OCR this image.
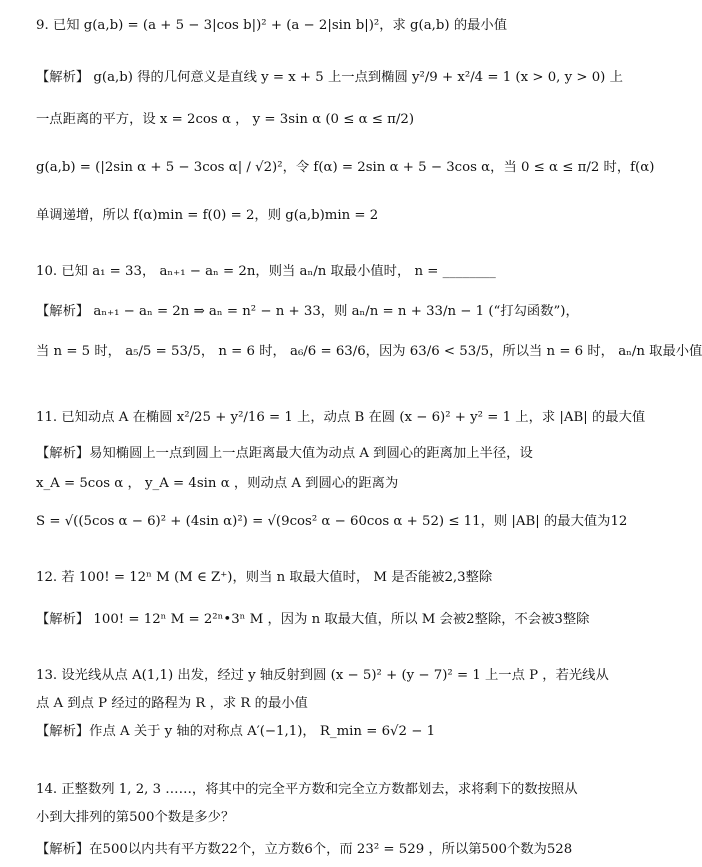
9. 已知 g(a,b) = (a + 5 − 3|cos b|)² + (a − 2|sin b|)²，求 g(a,b) 的最小值
【解析】 g(a,b) 得的几何意义是直线 y = x + 5 上一点到椭圆 y²/9 + x²/4 = 1 (x > 0, y > 0) 上
一点距离的平方，设 x = 2cos α ， y = 3sin α (0 ≤ α ≤ π/2)
g(a,b) = (|2sin α + 5 − 3cos α| / √2)²，令 f(α) = 2sin α + 5 − 3cos α，当 0 ≤ α ≤ π/2 时，f(α)
单调递增，所以 f(α)min = f(0) = 2，则 g(a,b)min = 2
10. 已知 a₁ = 33， aₙ₊₁ − aₙ = 2n，则当 aₙ/n 取最小值时， n = ________
【解析】 aₙ₊₁ − aₙ = 2n ⇒ aₙ = n² − n + 33，则 aₙ/n = n + 33/n − 1 (“打勾函数”)，
当 n = 5 时， a₅/5 = 53/5， n = 6 时， a₆/6 = 63/6，因为 63/6 < 53/5，所以当 n = 6 时， aₙ/n 取最小值
11. 已知动点 A 在椭圆 x²/25 + y²/16 = 1 上，动点 B 在圆 (x − 6)² + y² = 1 上，求 |AB| 的最大值
【解析】易知椭圆上一点到圆上一点距离最大值为动点 A 到圆心的距离加上半径，设
x_A = 5cos α ， y_A = 4sin α ，则动点 A 到圆心的距离为
S = √((5cos α − 6)² + (4sin α)²) = √(9cos² α − 60cos α + 52) ≤ 11，则 |AB| 的最大值为12
12. 若 100! = 12ⁿ M (M ∈ Z⁺)，则当 n 取最大值时， M 是否能被2,3整除
【解析】 100! = 12ⁿ M = 2²ⁿ•3ⁿ M ，因为 n 取最大值，所以 M 会被2整除，不会被3整除
13. 设光线从点 A(1,1) 出发，经过 y 轴反射到圆 (x − 5)² + (y − 7)² = 1 上一点 P ，若光线从
点 A 到点 P 经过的路程为 R ，求 R 的最小值
【解析】作点 A 关于 y 轴的对称点 A′(−1,1)， R_min = 6√2 − 1
14. 正整数列 1, 2, 3 ……，将其中的完全平方数和完全立方数都划去，求将剩下的数按照从
小到大排列的第500个数是多少？
【解析】在500以内共有平方数22个，立方数6个，而 23² = 529 ，所以第500个数为528
